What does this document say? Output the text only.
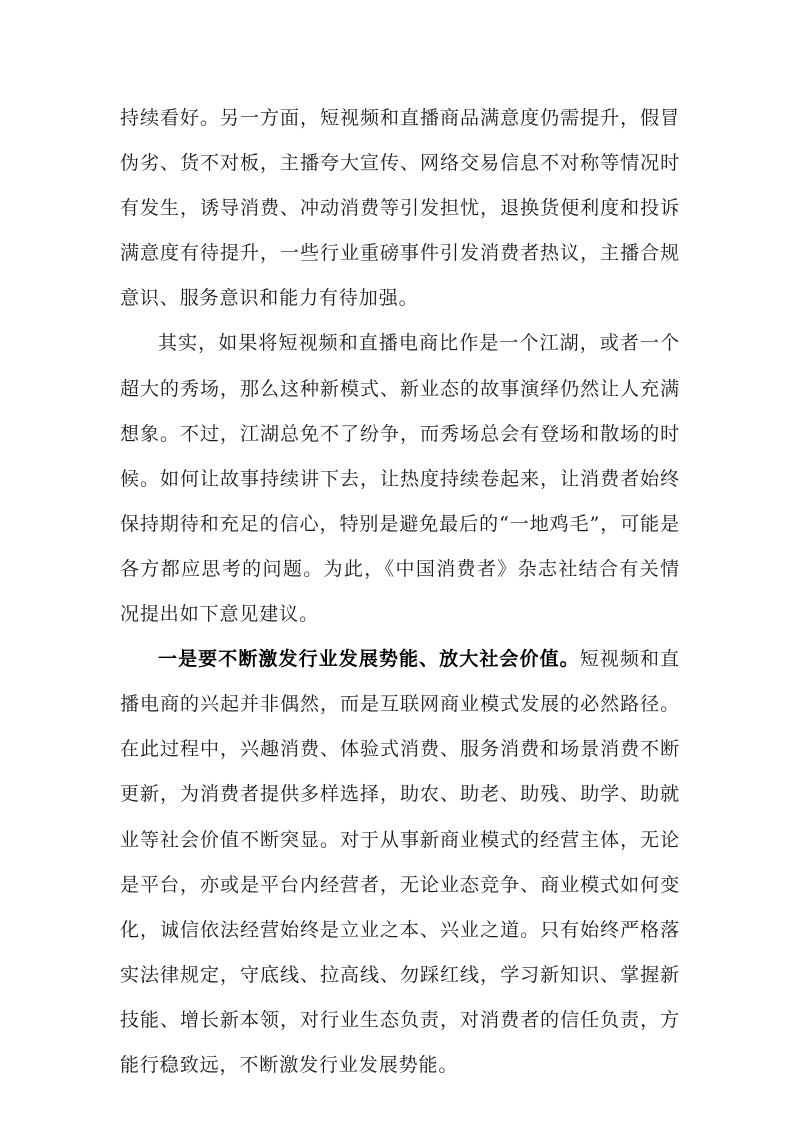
持续看好。另一方面，短视频和直播商品满意度仍需提升，假冒伪劣、货不对板，主播夸大宣传、网络交易信息不对称等情况时有发生，诱导消费、冲动消费等引发担忧，退换货便利度和投诉满意度有待提升，一些行业重磅事件引发消费者热议，主播合规意识、服务意识和能力有待加强。

其实，如果将短视频和直播电商比作是一个江湖，或者一个超大的秀场，那么这种新模式、新业态的故事演绎仍然让人充满想象。不过，江湖总免不了纷争，而秀场总会有登场和散场的时候。如何让故事持续讲下去，让热度持续卷起来，让消费者始终保持期待和充足的信心，特别是避免最后的“一地鸡毛”，可能是各方都应思考的问题。为此，《中国消费者》杂志社结合有关情况提出如下意见建议。

一是要不断激发行业发展势能、放大社会价值。短视频和直播电商的兴起并非偶然，而是互联网商业模式发展的必然路径。在此过程中，兴趣消费、体验式消费、服务消费和场景消费不断更新，为消费者提供多样选择，助农、助老、助残、助学、助就业等社会价值不断突显。对于从事新商业模式的经营主体，无论是平台，亦或是平台内经营者，无论业态竞争、商业模式如何变化，诚信依法经营始终是立业之本、兴业之道。只有始终严格落实法律规定，守底线、拉高线、勿踩红线，学习新知识、掌握新技能、增长新本领，对行业生态负责，对消费者的信任负责，方能行稳致远，不断激发行业发展势能。
